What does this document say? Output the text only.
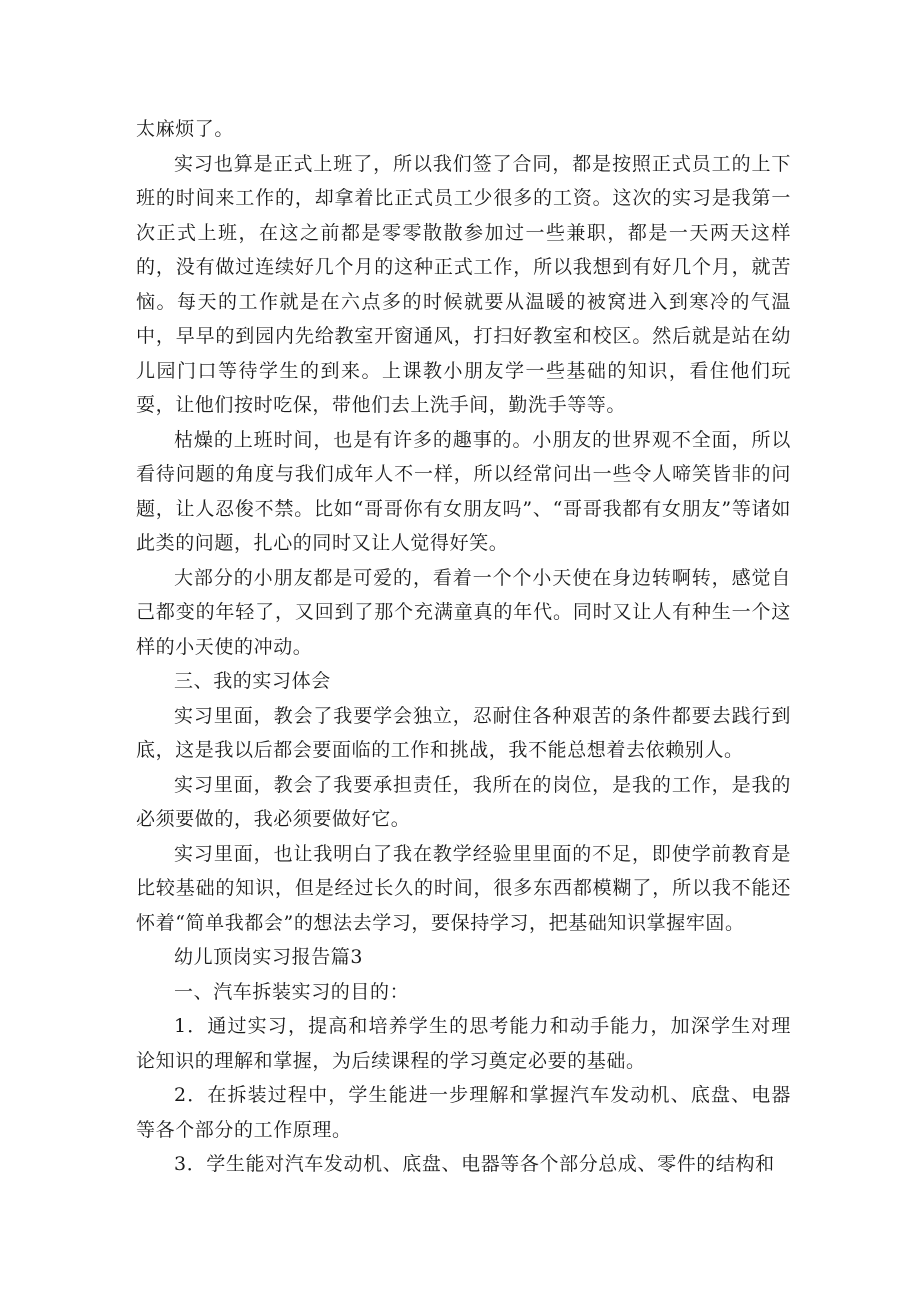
太麻烦了。

实习也算是正式上班了，所以我们签了合同，都是按照正式员工的上下班的时间来工作的，却拿着比正式员工少很多的工资。这次的实习是我第一次正式上班，在这之前都是零零散散参加过一些兼职，都是一天两天这样的，没有做过连续好几个月的这种正式工作，所以我想到有好几个月，就苦恼。每天的工作就是在六点多的时候就要从温暖的被窝进入到寒冷的气温中，早早的到园内先给教室开窗通风，打扫好教室和校区。然后就是站在幼儿园门口等待学生的到来。上课教小朋友学一些基础的知识，看住他们玩耍，让他们按时吃保，带他们去上洗手间，勤洗手等等。

枯燥的上班时间，也是有许多的趣事的。小朋友的世界观不全面，所以看待问题的角度与我们成年人不一样，所以经常问出一些令人啼笑皆非的问题，让人忍俊不禁。比如“哥哥你有女朋友吗”、“哥哥我都有女朋友”等诸如此类的问题，扎心的同时又让人觉得好笑。

大部分的小朋友都是可爱的，看着一个个小天使在身边转啊转，感觉自己都变的年轻了，又回到了那个充满童真的年代。同时又让人有种生一个这样的小天使的冲动。

三、我的实习体会

实习里面，教会了我要学会独立，忍耐住各种艰苦的条件都要去践行到底，这是我以后都会要面临的工作和挑战，我不能总想着去依赖别人。

实习里面，教会了我要承担责任，我所在的岗位，是我的工作，是我的必须要做的，我必须要做好它。

实习里面，也让我明白了我在教学经验里里面的不足，即使学前教育是比较基础的知识，但是经过长久的时间，很多东西都模糊了，所以我不能还怀着“简单我都会”的想法去学习，要保持学习，把基础知识掌握牢固。

幼儿顶岗实习报告篇3

一、汽车拆装实习的目的：

1．通过实习，提高和培养学生的思考能力和动手能力，加深学生对理论知识的理解和掌握，为后续课程的学习奠定必要的基础。

2．在拆装过程中，学生能进一步理解和掌握汽车发动机、底盘、电器等各个部分的工作原理。

3．学生能对汽车发动机、底盘、电器等各个部分总成、零件的结构和
